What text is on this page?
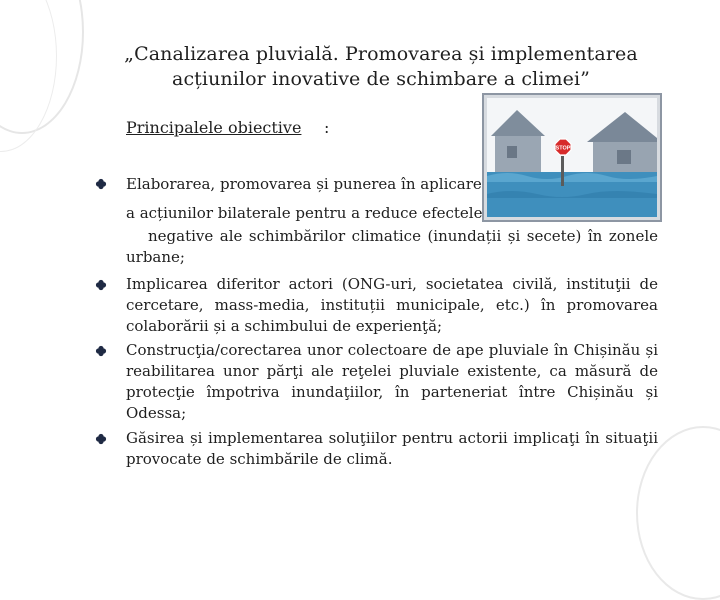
„Canalizarea pluvială. Promovarea și implementarea acțiunilor inovative de schimbare a climei”
Principalele obiective :
STOP
Elaborarea, promovarea și punerea în aplicare
a acțiunilor bilaterale pentru a reduce efectele
negative ale schimbărilor climatice (inundații și secete) în zonele urbane;
Implicarea diferitor actori (ONG-uri, societatea civilă, instituţii de cercetare, mass-media, instituții municipale, etc.) în promovarea colaborării și a schimbului de experienţă;
Construcţia/corectarea unor colectoare de ape pluviale în Chișinău și reabilitarea unor părţi ale reţelei pluviale existente, ca măsură de protecţie împotriva inundaţiilor, în parteneriat între Chișinău și Odessa;
Găsirea și implementarea soluţiilor pentru actorii implicaţi în situaţii provocate de schimbările de climă.
